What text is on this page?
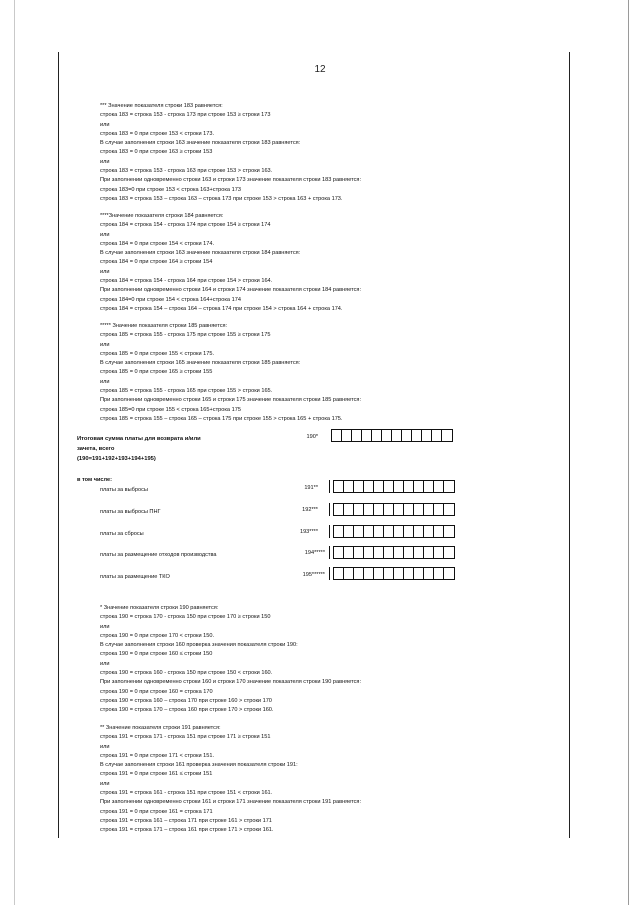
12
*** Значение показателя строки 183 равняется:
строка 183 = строка 153 - строка 173 при строке 153 ≥ строки 173
или
строка 183 = 0 при строке 153 < строки 173.
В случае заполнения строки 163 значение показателя строки 183 равняется:
строка 183 = 0 при строке 163 ≥ строки 153
или
строка 183 = строка 153 - строка 163 при строке 153 > строки 163.
При заполнении одновременно строки 163 и строки 173 значение показателя строки 183 равняется:
строка 183=0 при строке 153 < строка 163+строка 173
строка 183 = строка 153 – строка 163 – строка 173 при строке 153 > строка 163 + строка 173.
****Значение показателя строки 184 равняется:
строка 184 = строка 154 - строка 174 при строке 154 ≥ строки 174
или
строка 184 = 0 при строке 154 < строки 174.
В случае заполнения строки 163 значение показателя строки 184 равняется:
строка 184 = 0 при строке 164 ≥ строки 154
или
строка 184 = строка 154 - строка 164 при строке 154 > строки 164.
При заполнении одновременно строки 164 и строки 174 значение показателя строки 184 равняется:
строка 184=0 при строке 154 < строка 164+строка 174
строка 184 = строка 154 – строка 164 – строка 174 при строке 154 > строка 164 + строка 174.
***** Значение показателя строки 185 равняется:
строка 185 = строка 155 - строка 175 при строке 155 ≥ строки 175
или
строка 185 = 0 при строке 155 < строки 175.
В случае заполнения строки 165 значение показателя строки 185 равняется:
строка 185 = 0 при строке 165 ≥ строки 155
или
строка 185 = строка 155 - строка 165 при строке 155 > строки 165.
При заполнении одновременно строки 165 и строки 175 значение показателя строки 185 равняется:
строка 185=0 при строке 155 < строка 165+строка 175
строка 185 = строка 155 – строка 165 – строка 175 при строке 155 > строка 165 + строка 175.
Итоговая сумма платы для возврата и/или
зачета, всего
(190=191+192+193+194+195)
190*
в том числе:
платы за выбросы	191**
платы за выбросы ПНГ	192***
платы за сбросы	193****
платы за размещение отходов производства	194*****
платы за размещение ТКО	195******
* Значение показателя строки 190 равняется:
строка 190 = строка 170 - строка 150 при строке 170 ≥ строки 150
или
строка 190 = 0 при строке 170 < строки 150.
В случае заполнения строки 160 проверка значения показателя строки 190:
строка 190 = 0 при строке 160 ≤ строки 150
или
строка 190 = строка 160 - строка 150 при строке 150 < строки 160.
При заполнении одновременно строки 160 и строки 170 значение показателя строки 190 равняется:
строка 190 = 0 при строке 160 = строка 170
строка 190 = строка 160 – строка 170 при строке 160 > строки 170
строка 190 = строка 170 – строка 160 при строке 170 > строки 160.
** Значение показателя строки 191 равняется:
строка 191 = строка 171 - строка 151 при строке 171 ≥ строки 151
или
строка 191 = 0 при строке 171 < строки 151.
В случае заполнения строки 161 проверка значения показателя строки 191:
строка 191 = 0 при строке 161 ≤ строки 151
или
строка 191 = строка 161 - строка 151 при строке 151 < строки 161.
При заполнении одновременно строки 161 и строки 171 значение показателя строки 191 равняется:
строка 191 = 0 при строке 161 = строка 171
строка 191 = строка 161 – строка 171 при строке 161 > строки 171
строка 191 = строка 171 – строка 161 при строке 171 > строки 161.
